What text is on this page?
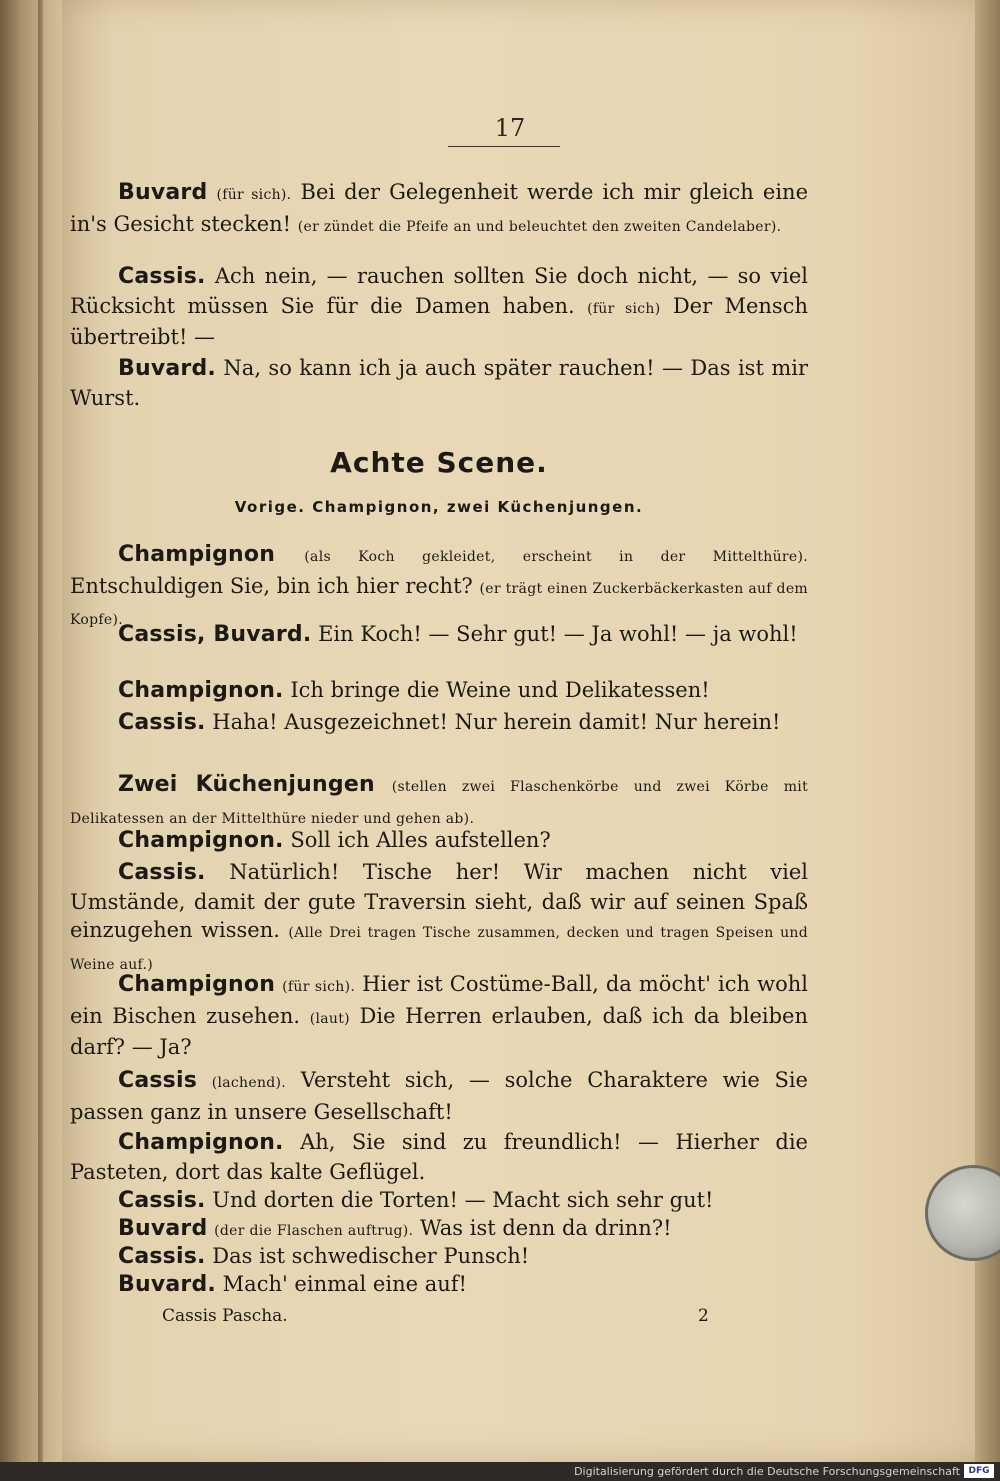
17

Buvard (für sich). Bei der Gelegenheit werde ich mir gleich eine in's Gesicht stecken! (er zündet die Pfeife an und beleuchtet den zweiten Candelaber).

Cassis. Ach nein, — rauchen sollten Sie doch nicht, — so viel Rücksicht müssen Sie für die Damen haben. (für sich) Der Mensch übertreibt! —

Buvard. Na, so kann ich ja auch später rauchen! — Das ist mir Wurst.

Achte Scene.
Vorige. Champignon, zwei Küchenjungen.

Champignon (als Koch gekleidet, erscheint in der Mittelthüre). Entschuldigen Sie, bin ich hier recht? (er trägt einen Zuckerbäckerkasten auf dem Kopfe).

Cassis, Buvard. Ein Koch! — Sehr gut! — Ja wohl! — ja wohl!

Champignon. Ich bringe die Weine und Delikatessen!

Cassis. Haha! Ausgezeichnet! Nur herein damit! Nur herein!

Zwei Küchenjungen (stellen zwei Flaschenkörbe und zwei Körbe mit Delikatessen an der Mittelthüre nieder und gehen ab).

Champignon. Soll ich Alles aufstellen?

Cassis. Natürlich! Tische her! Wir machen nicht viel Umstände, damit der gute Traversin sieht, daß wir auf seinen Spaß einzugehen wissen. (Alle Drei tragen Tische zusammen, decken und tragen Speisen und Weine auf.)

Champignon (für sich). Hier ist Costüme-Ball, da möcht' ich wohl ein Bischen zusehen. (laut) Die Herren erlauben, daß ich da bleiben darf? — Ja?

Cassis (lachend). Versteht sich, — solche Charaktere wie Sie passen ganz in unsere Gesellschaft!

Champignon. Ah, Sie sind zu freundlich! — Hierher die Pasteten, dort das kalte Geflügel.

Cassis. Und dorten die Torten! — Macht sich sehr gut!

Buvard (der die Flaschen auftrug). Was ist denn da drinn?!

Cassis. Das ist schwedischer Punsch!

Buvard. Mach' einmal eine auf!

Cassis Pascha.	2
Digitalisierung gefördert durch die Deutsche Forschungsgemeinschaft DFG
